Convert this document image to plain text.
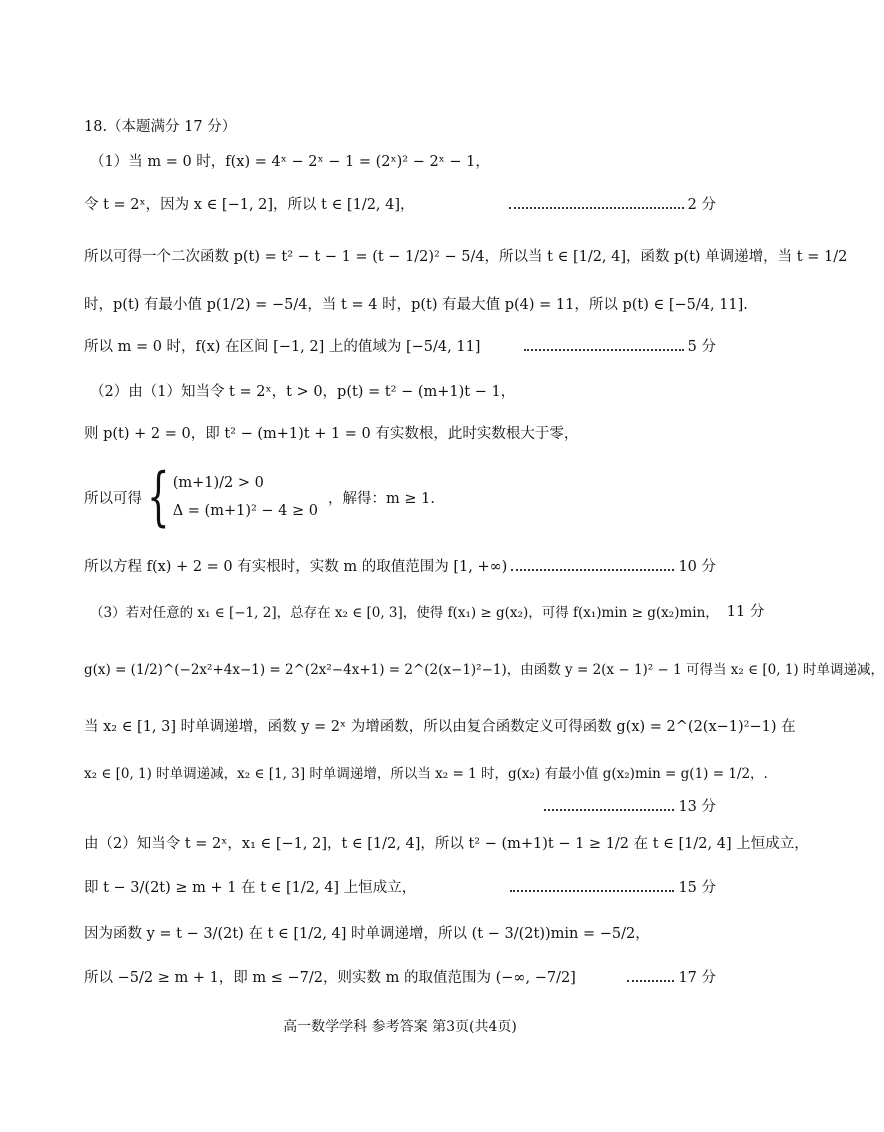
18.（本题满分 17 分）
（1）当 m = 0 时，f(x) = 4ˣ − 2ˣ − 1 = (2ˣ)² − 2ˣ − 1，
令 t = 2ˣ，因为 x ∈ [−1, 2]，所以 t ∈ [1/2, 4]，	2 分
所以可得一个二次函数 p(t) = t² − t − 1 = (t − 1/2)² − 5/4，所以当 t ∈ [1/2, 4]，函数 p(t) 单调递增，当 t = 1/2
时，p(t) 有最小值 p(1/2) = −5/4，当 t = 4 时，p(t) 有最大值 p(4) = 11，所以 p(t) ∈ [−5/4, 11].
所以 m = 0 时，f(x) 在区间 [−1, 2] 上的值域为 [−5/4, 11]	5 分
（2）由（1）知当令 t = 2ˣ，t > 0，p(t) = t² − (m+1)t − 1，
则 p(t) + 2 = 0，即 t² − (m+1)t + 1 = 0 有实数根，此时实数根大于零，
所以可得 { (m+1)/2 > 0
Δ = (m+1)² − 4 ≥ 0
，解得：m ≥ 1.
所以方程 f(x) + 2 = 0 有实根时，实数 m 的取值范围为 [1, +∞)	10 分
（3）若对任意的 x₁ ∈ [−1, 2]，总存在 x₂ ∈ [0, 3]，使得 f(x₁) ≥ g(x₂)，可得 f(x₁)min ≥ g(x₂)min， 11 分
g(x) = (1/2)^(−2x²+4x−1) = 2^(2x²−4x+1) = 2^(2(x−1)²−1)，由函数 y = 2(x − 1)² − 1 可得当 x₂ ∈ [0, 1) 时单调递减，
当 x₂ ∈ [1, 3] 时单调递增，函数 y = 2ˣ 为增函数，所以由复合函数定义可得函数 g(x) = 2^(2(x−1)²−1) 在
x₂ ∈ [0, 1) 时单调递减，x₂ ∈ [1, 3] 时单调递增，所以当 x₂ = 1 时，g(x₂) 有最小值 g(x₂)min = g(1) = 1/2，.
13 分
由（2）知当令 t = 2ˣ，x₁ ∈ [−1, 2]，t ∈ [1/2, 4]，所以 t² − (m+1)t − 1 ≥ 1/2 在 t ∈ [1/2, 4] 上恒成立，
即 t − 3/(2t) ≥ m + 1 在 t ∈ [1/2, 4] 上恒成立，	15 分
因为函数 y = t − 3/(2t) 在 t ∈ [1/2, 4] 时单调递增，所以 (t − 3/(2t))min = −5/2，
所以 −5/2 ≥ m + 1，即 m ≤ −7/2，则实数 m 的取值范围为 (−∞, −7/2]	17 分
高一数学学科 参考答案 第3页(共4页)
